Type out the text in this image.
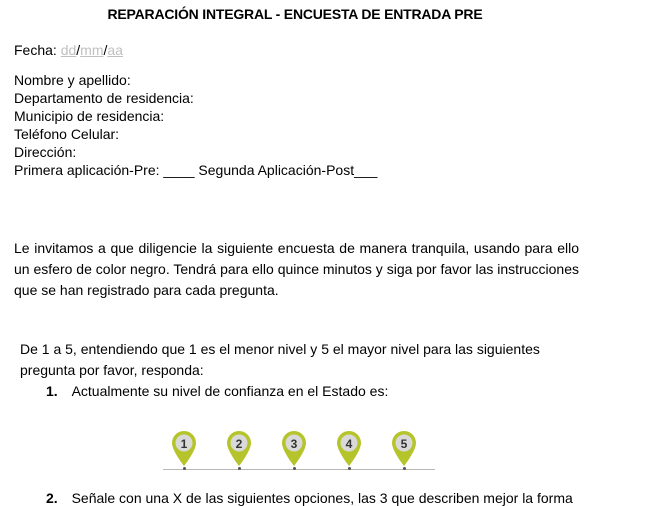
REPARACIÓN INTEGRAL - ENCUESTA DE ENTRADA PRE
Fecha: dd/mm/aa
Nombre y apellido:
Departamento de residencia:
Municipio de residencia:
Teléfono Celular:
Dirección:
Primera aplicación-Pre: ____ Segunda Aplicación-Post___
Le invitamos a que diligencie la siguiente encuesta de manera tranquila, usando para ello un esfero de color negro. Tendrá para ello quince minutos y siga por favor las instrucciones que se han registrado para cada pregunta.
De 1 a 5, entendiendo que 1 es el menor nivel y 5 el mayor nivel para las siguientes pregunta por favor, responda:
1. Actualmente su nivel de confianza en el Estado es:
1	2	3	4	5
2. Señale con una X de las siguientes opciones, las 3 que describen mejor la forma
